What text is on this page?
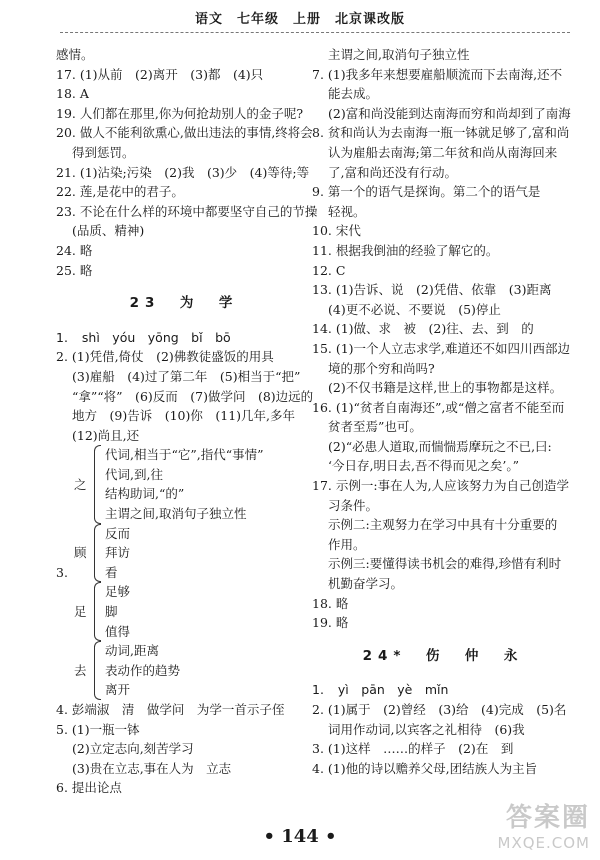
语文　七年级　上册　北京课改版
感情。
17. (1)从前　(2)离开　(3)都　(4)只
18. A
19. 人们都在那里,你为何抢劫别人的金子呢?
20. 做人不能利欲熏心,做出违法的事情,终将会
得到惩罚。
21. (1)沾染;污染　(2)我　(3)少　(4)等待;等
22. 莲,是花中的君子。
23. 不论在什么样的环境中都要坚守自己的节操
(品质、精神)
24. 略
25. 略
23　为　学
1. shì　yóu　yōng　bǐ　bō
2. (1)凭借,倚仗　(2)佛教徒盛饭的用具
(3)雇船　(4)过了第二年　(5)相当于“把”
“拿”“将”　(6)反而　(7)做学问　(8)边远的
地方　(9)告诉　(10)你　(11)几年,多年
(12)尚且,还
3.
之
代词,相当于“它”,指代“事情”
代词,到,往
结构助词,“的”
主谓之间,取消句子独立性
顾
反而
拜访
看
足
足够
脚
值得
去
动词,距离
表动作的趋势
离开
4. 彭端淑　清　做学问　为学一首示子侄
5. (1)一瓶一钵
(2)立定志向,刻苦学习
(3)贵在立志,事在人为　立志
6. 提出论点
主谓之间,取消句子独立性
7. (1)我多年来想要雇船顺流而下去南海,还不
能去成。
(2)富和尚没能到达南海而穷和尚却到了南海
8. 贫和尚认为去南海一瓶一钵就足够了,富和尚
认为雇船去南海;第二年贫和尚从南海回来
了,富和尚还没有行动。
9. 第一个的语气是探询。第二个的语气是
轻视。
10. 宋代
11. 根据我倒油的经验了解它的。
12. C
13. (1)告诉、说　(2)凭借、依靠　(3)距离
(4)更不必说、不要说　(5)停止
14. (1)做、求　被　(2)往、去、到　的
15. (1)一个人立志求学,难道还不如四川西部边
境的那个穷和尚吗?
(2)不仅书籍是这样,世上的事物都是这样。
16. (1)“贫者自南海还”,或“僧之富者不能至而
贫者至焉”也可。
(2)“必患人道取,而惴惴焉摩玩之不已,曰:
‘今日存,明日去,吾不得而见之矣’。”
17. 示例一:事在人为,人应该努力为自己创造学
习条件。
示例二:主观努力在学习中具有十分重要的
作用。
示例三:要懂得读书机会的难得,珍惜有利时
机勤奋学习。
18. 略
19. 略
24*　伤　仲　永
1. yì　pān　yè　mǐn
2. (1)属于　(2)曾经　(3)给　(4)完成　(5)名
词用作动词,以宾客之礼相待　(6)我
3. (1)这样　……的样子　(2)在　到
4. (1)他的诗以赡养父母,团结族人为主旨
• 144 •
答案圈
MXQE.COM
